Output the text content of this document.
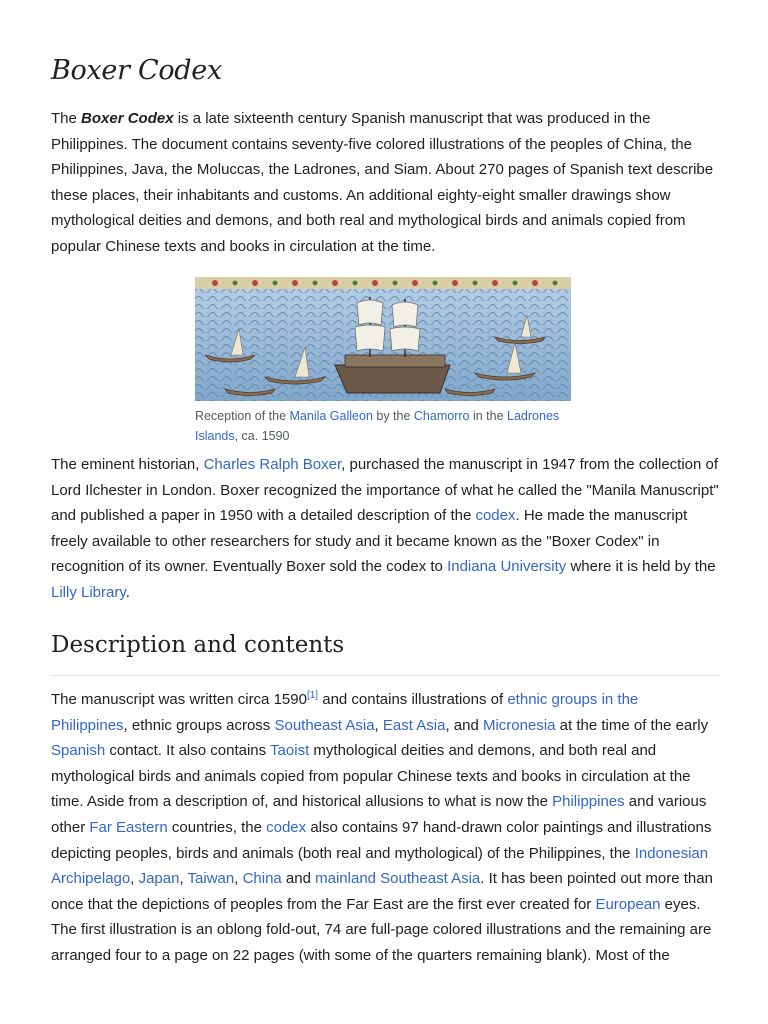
Boxer Codex

The Boxer Codex is a late sixteenth century Spanish manuscript that was produced in the Philippines. The document contains seventy-five colored illustrations of the peoples of China, the Philippines, Java, the Moluccas, the Ladrones, and Siam. About 270 pages of Spanish text describe these places, their inhabitants and customs. An additional eighty-eight smaller drawings show mythological deities and demons, and both real and mythological birds and animals copied from popular Chinese texts and books in circulation at the time.

Reception of the Manila Galleon by the Chamorro in the Ladrones Islands, ca. 1590

The eminent historian, Charles Ralph Boxer, purchased the manuscript in 1947 from the collection of Lord Ilchester in London. Boxer recognized the importance of what he called the "Manila Manuscript" and published a paper in 1950 with a detailed description of the codex. He made the manuscript freely available to other researchers for study and it became known as the "Boxer Codex" in recognition of its owner. Eventually Boxer sold the codex to Indiana University where it is held by the Lilly Library.

Description and contents

The manuscript was written circa 1590[1] and contains illustrations of ethnic groups in the Philippines, ethnic groups across Southeast Asia, East Asia, and Micronesia at the time of the early Spanish contact. It also contains Taoist mythological deities and demons, and both real and mythological birds and animals copied from popular Chinese texts and books in circulation at the time. Aside from a description of, and historical allusions to what is now the Philippines and various other Far Eastern countries, the codex also contains 97 hand-drawn color paintings and illustrations depicting peoples, birds and animals (both real and mythological) of the Philippines, the Indonesian Archipelago, Japan, Taiwan, China and mainland Southeast Asia. It has been pointed out more than once that the depictions of peoples from the Far East are the first ever created for European eyes. The first illustration is an oblong fold-out, 74 are full-page colored illustrations and the remaining are arranged four to a page on 22 pages (with some of the quarters remaining blank). Most of the
